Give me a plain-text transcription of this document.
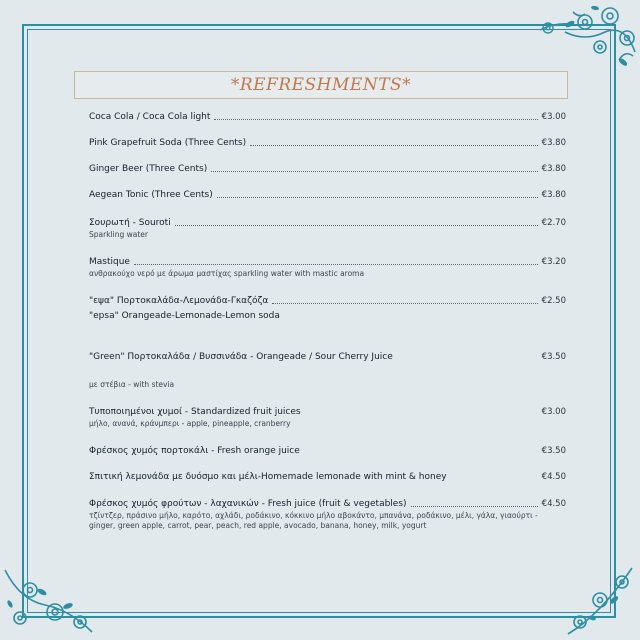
*REFRESHMENTS*
Coca Cola / Coca Cola light	€3.00
Pink Grapefruit Soda (Three Cents)	€3.80
Ginger Beer (Three Cents)	€3.80
Aegean Tonic (Three Cents)	€3.80
Σουρωτή - Souroti	€2.70
Sparkling water
Mastique	€3.20
ανθρακούχο νερό με άρωμα μαστίχας sparkling water with mastic aroma
"εψα" Πορτοκαλάδα-Λεμονάδα-Γκαζόζα	€2.50
"epsa" Orangeade-Lemonade-Lemon soda
"Green" Πορτοκαλάδα / Βυσσινάδα - Orangeade / Sour Cherry Juice	€3.50
με στέβια - with stevia
Τυποποιημένοι χυμοί - Standardized fruit juices	€3.00
μήλο, ανανά, κράνμπερι - apple, pineapple, cranberry
Φρέσκος χυμός πορτοκάλι - Fresh orange juice	€3.50
Σπιτική λεμονάδα με δυόσμο και μέλι-Homemade lemonade with mint & honey	€4.50
Φρέσκος χυμός φρούτων - λαχανικών - Fresh juice (fruit & vegetables)	€4.50
τζίντζερ, πράσινο μήλο, καρότο, αχλάδι, ροδάκινο, κόκκινο μήλο αβοκάντο, μπανάνα, ροδάκινο, μέλι, γάλα, γιαούρτι - ginger, green apple, carrot, pear, peach, red apple, avocado, banana, honey, milk, yogurt
